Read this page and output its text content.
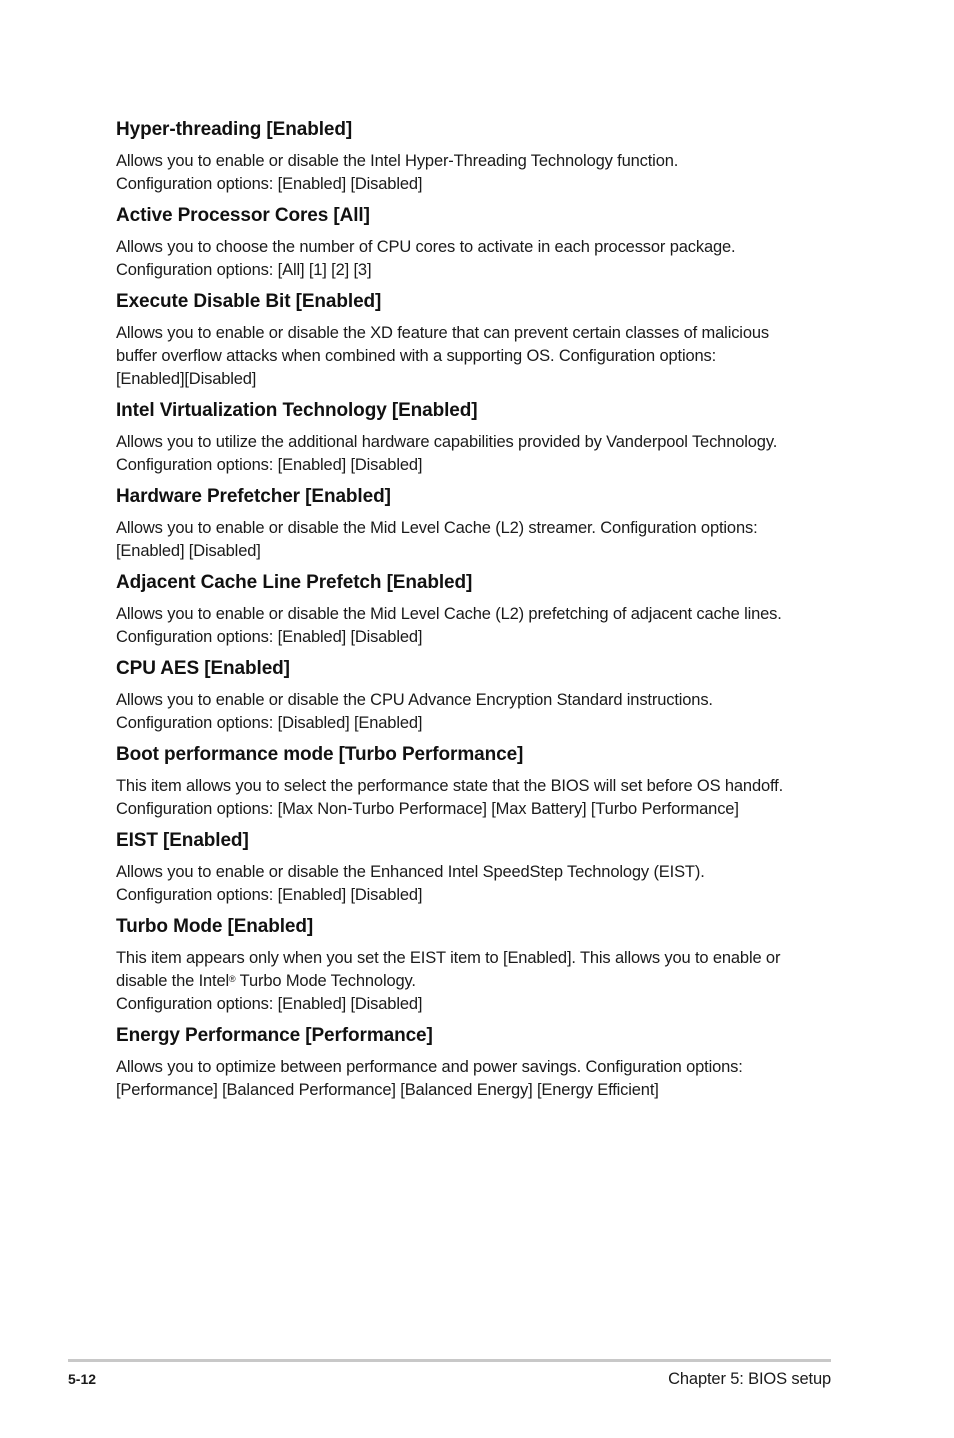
Hyper-threading [Enabled]

Allows you to enable or disable the Intel Hyper-Threading Technology function.
Configuration options: [Enabled] [Disabled]

Active Processor Cores [All]

Allows you to choose the number of CPU cores to activate in each processor package.
Configuration options: [All] [1] [2] [3]

Execute Disable Bit [Enabled]

Allows you to enable or disable the XD feature that can prevent certain classes of malicious
buffer overflow attacks when combined with a supporting OS. Configuration options:
[Enabled][Disabled]

Intel Virtualization Technology [Enabled]

Allows you to utilize the additional hardware capabilities provided by Vanderpool Technology.
Configuration options: [Enabled] [Disabled]

Hardware Prefetcher [Enabled]

Allows you to enable or disable the Mid Level Cache (L2) streamer. Configuration options:
[Enabled] [Disabled]

Adjacent Cache Line Prefetch [Enabled]

Allows you to enable or disable the Mid Level Cache (L2) prefetching of adjacent cache lines.
Configuration options: [Enabled] [Disabled]

CPU AES [Enabled]

Allows you to enable or disable the CPU Advance Encryption Standard instructions.
Configuration options: [Disabled] [Enabled]

Boot performance mode [Turbo Performance]

This item allows you to select the performance state that the BIOS will set before OS handoff.
Configuration options: [Max Non-Turbo Performace] [Max Battery] [Turbo Performance]

EIST [Enabled]

Allows you to enable or disable the Enhanced Intel SpeedStep Technology (EIST).
Configuration options: [Enabled] [Disabled]

Turbo Mode [Enabled]

This item appears only when you set the EIST item to [Enabled]. This allows you to enable or
disable the Intel® Turbo Mode Technology.
Configuration options: [Enabled] [Disabled]

Energy Performance [Performance]

Allows you to optimize between performance and power savings. Configuration options:
[Performance] [Balanced Performance] [Balanced Energy] [Energy Efficient]

5-12	Chapter 5: BIOS setup
